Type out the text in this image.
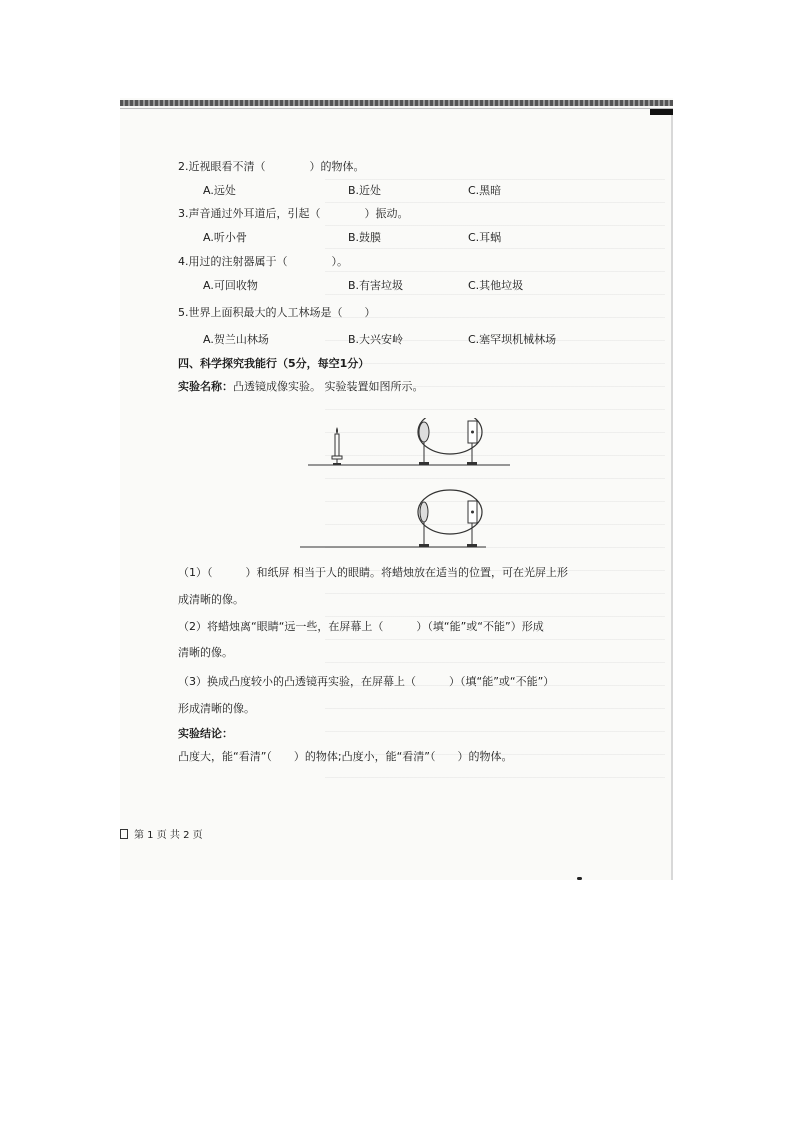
2.近视眼看不清（　　　　）的物体。
A.远处	B.近处	C.黑暗
3.声音通过外耳道后，引起（　　　　）振动。
A.听小骨	B.鼓膜	C.耳蜗
4.用过的注射器属于（　　　　）。
A.可回收物	B.有害垃圾	C.其他垃圾
5.世界上面积最大的人工林场是（　　）
A.贺兰山林场	B.大兴安岭	C.塞罕坝机械林场
四、科学探究我能行（5分，每空1分）
实验名称：凸透镜成像实验。 实验装置如图所示。
（1）（　　　）和纸屏 相当于人的眼睛。将蜡烛放在适当的位置，可在光屏上形
成清晰的像。
（2）将蜡烛离“眼睛“远一些，在屏幕上（　　　）（填“能”或“不能”）形成
清晰的像。
（3）换成凸度较小的凸透镜再实验，在屏幕上（　　　）（填“能”或“不能”）
形成清晰的像。
实验结论：
凸度大，能“看清”（　　）的物体;凸度小，能“看清”（　　）的物体。
第 1 页 共 2 页
